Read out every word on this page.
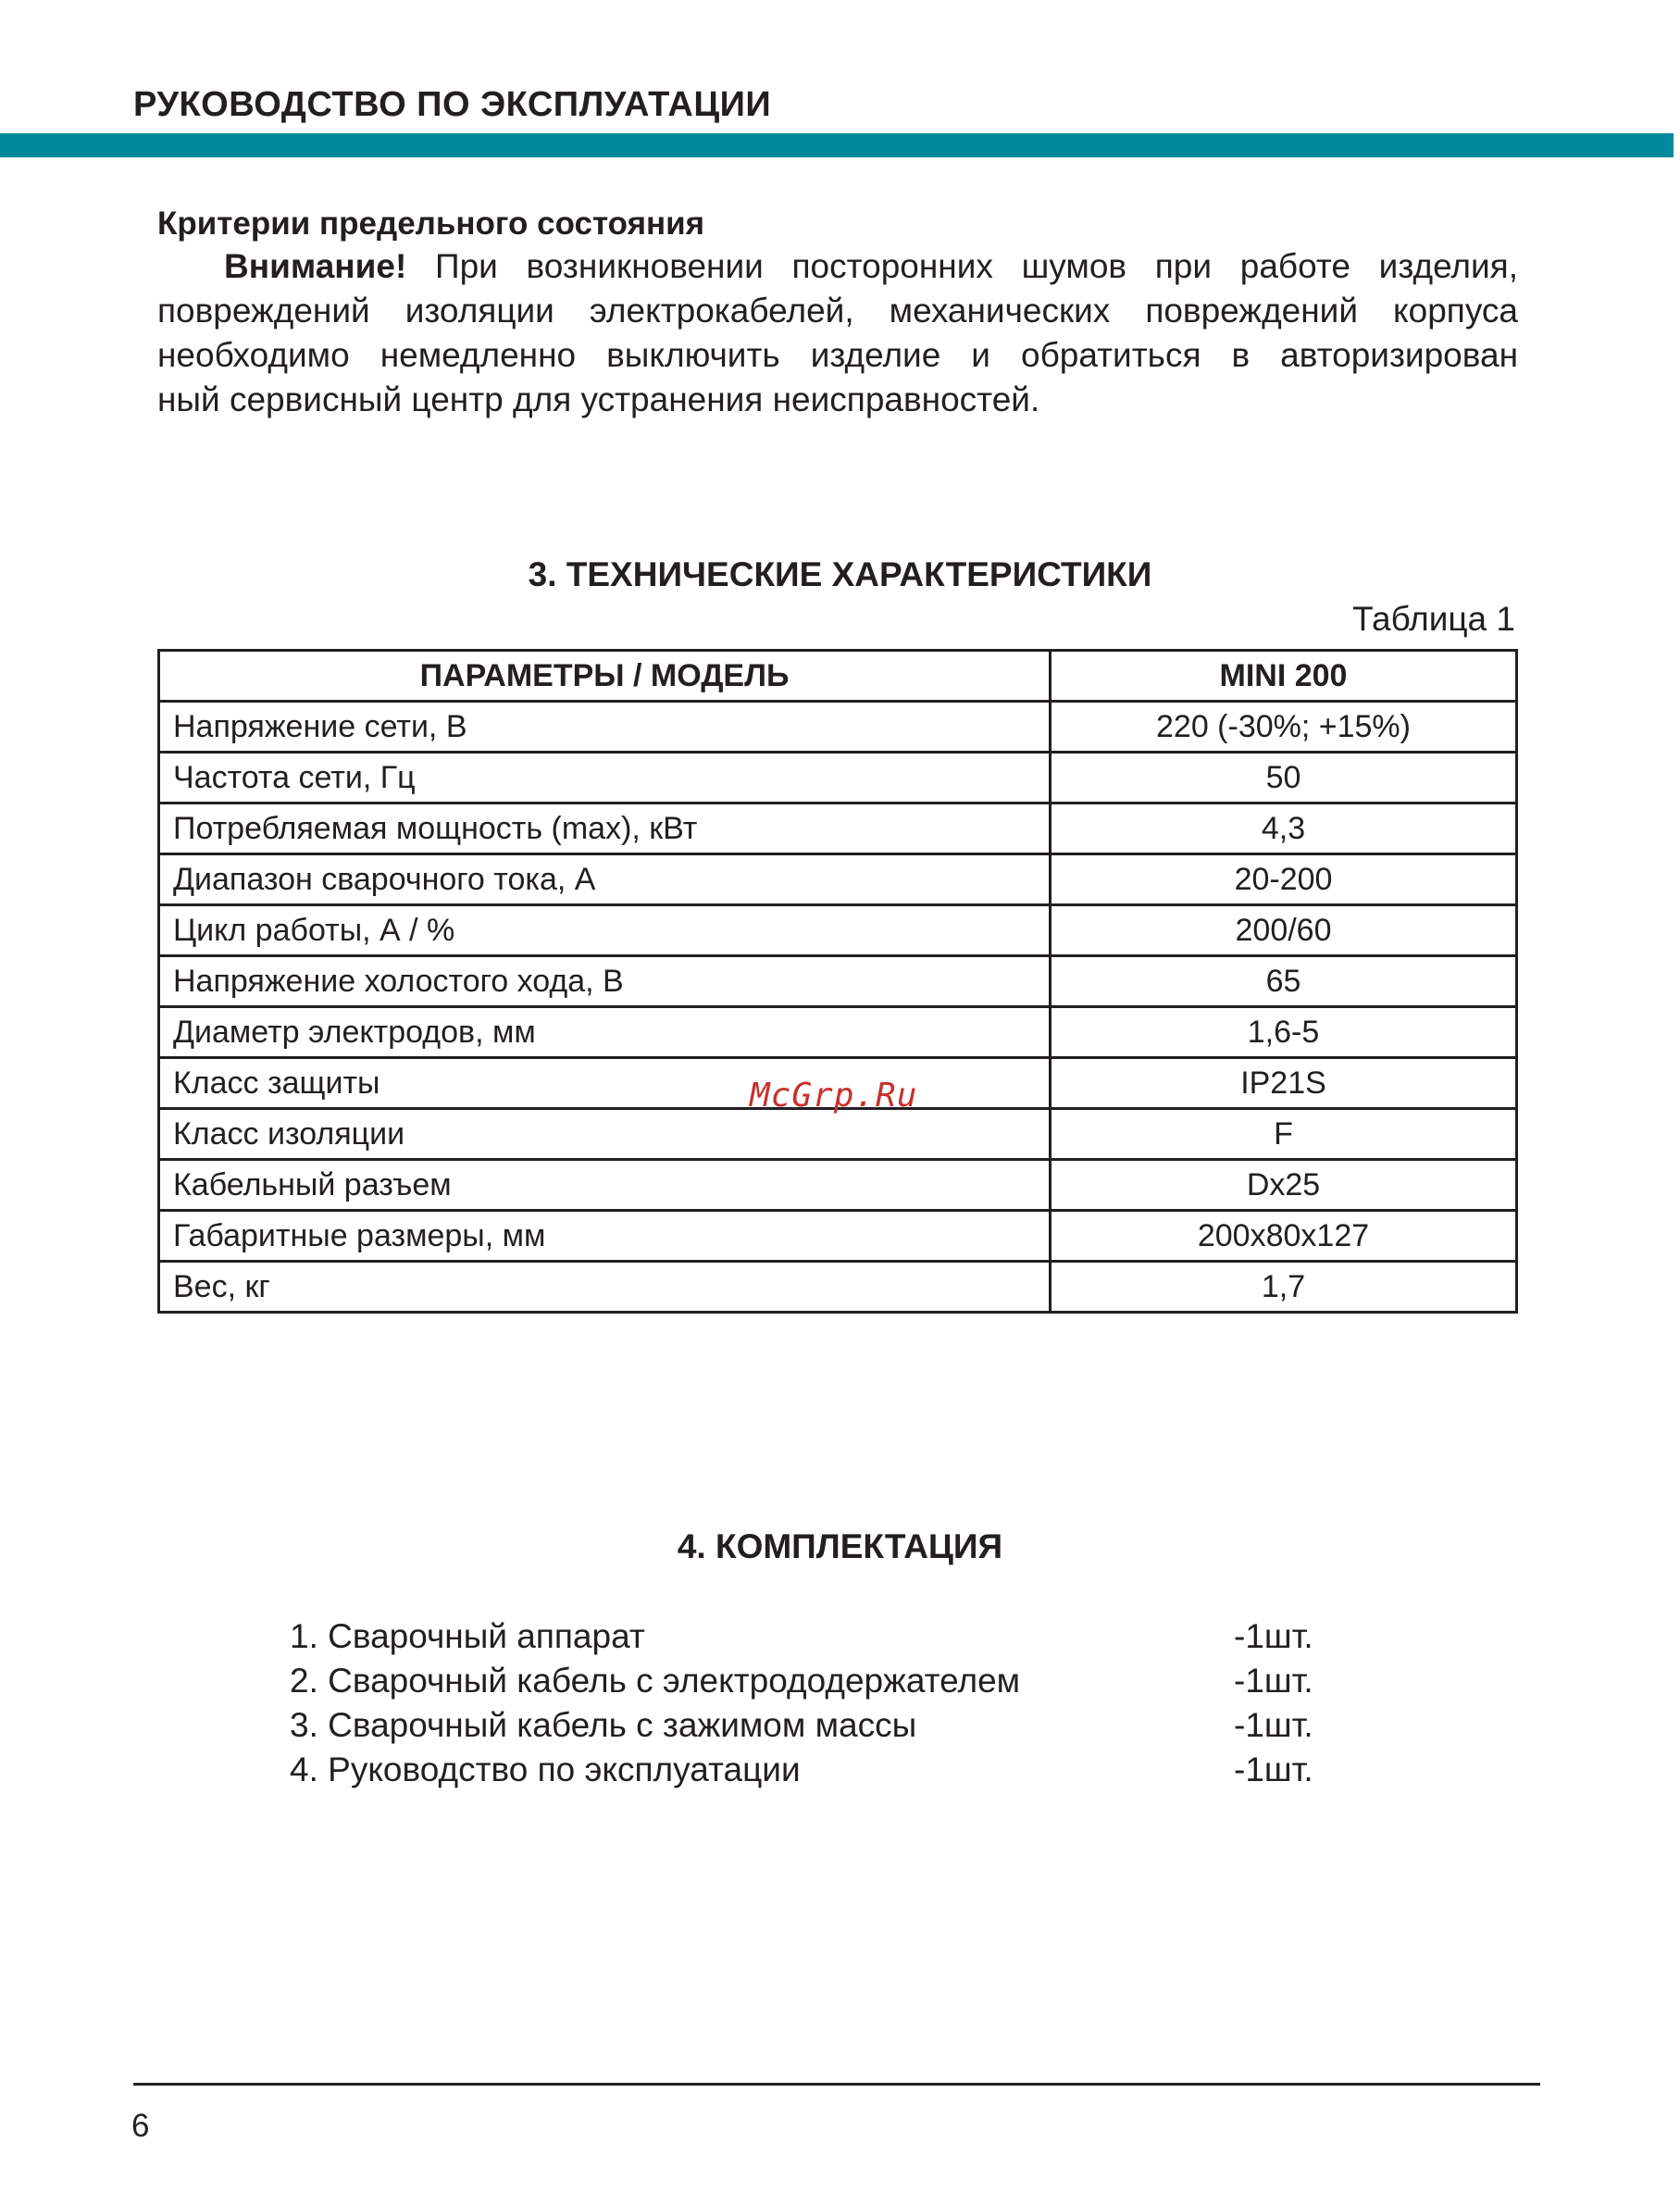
РУКОВОДСТВО ПО ЭКСПЛУАТАЦИИ
Критерии предельного состояния
Внимание! При возникновении посторонних шумов при работе изделия,
повреждений изоляции электрокабелей, механических повреждений корпуса
необходимо немедленно выключить изделие и обратиться в авторизирован
ный сервисный центр для устранения неисправностей.
3. ТЕХНИЧЕСКИЕ ХАРАКТЕРИСТИКИ
Таблица 1
ПАРАМЕТРЫ / МОДЕЛЬ	MINI 200
Напряжение сети, В	220 (-30%; +15%)
Частота сети, Гц	50
Потребляемая мощность (max), кВт	4,3
Диапазон сварочного тока, А	20-200
Цикл работы, А / %	200/60
Напряжение холостого хода, В	65
Диаметр электродов, мм	1,6-5
Класс защиты	IP21S
Класс изоляции	F
Кабельный разъем	Dx25
Габаритные размеры, мм	200x80x127
Вес, кг	1,7
McGrp.Ru
4. КОМПЛЕКТАЦИЯ
1. Сварочный аппарат	-1шт.
2. Сварочный кабель с электрододержателем	-1шт.
3. Сварочный кабель с зажимом массы	-1шт.
4. Руководство по эксплуатации	-1шт.
6
